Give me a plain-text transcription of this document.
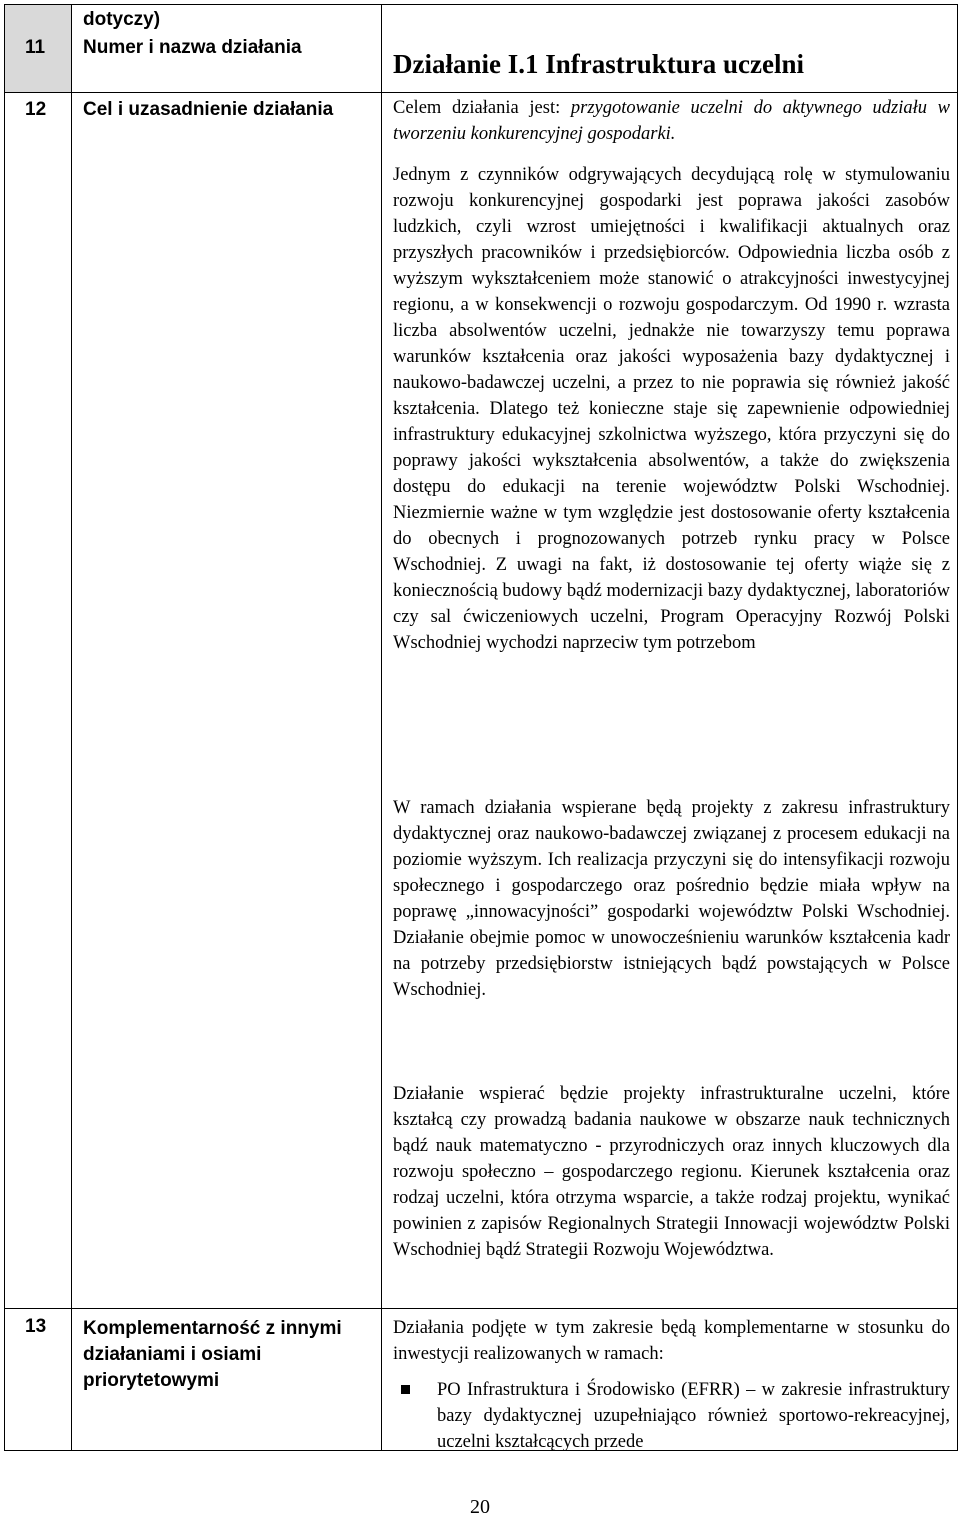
dotyczy)
11 Numer i nazwa działania
12 Cel i uzasadnienie działania
13 Komplementarność z innymi
działaniami i osiami
priorytetowymi
Działanie I.1 Infrastruktura uczelni
Celem działania jest: przygotowanie uczelni do aktywnego udziału w tworzeniu konkurencyjnej gospodarki.
Jednym z czynników odgrywających decydującą rolę w stymulowaniu rozwoju konkurencyjnej gospodarki jest poprawa jakości zasobów ludzkich, czyli wzrost umiejętności i kwalifikacji aktualnych oraz przyszłych pracowników i przedsiębiorców. Odpowiednia liczba osób z wyższym wykształceniem może stanowić o atrakcyjności inwestycyjnej regionu, a w konsekwencji o rozwoju gospodarczym. Od 1990 r. wzrasta liczba absolwentów uczelni, jednakże nie towarzyszy temu poprawa warunków kształcenia oraz jakości wyposażenia bazy dydaktycznej i naukowo-badawczej uczelni, a przez to nie poprawia się również jakość kształcenia. Dlatego też konieczne staje się zapewnienie odpowiedniej infrastruktury edukacyjnej szkolnictwa wyższego, która przyczyni się do poprawy jakości wykształcenia absolwentów, a także do zwiększenia dostępu do edukacji na terenie województw Polski Wschodniej. Niezmiernie ważne w tym względzie jest dostosowanie oferty kształcenia do obecnych i prognozowanych potrzeb rynku pracy w Polsce Wschodniej. Z uwagi na fakt, iż dostosowanie tej oferty wiąże się z koniecznością budowy bądź modernizacji bazy dydaktycznej, laboratoriów czy sal ćwiczeniowych uczelni, Program Operacyjny Rozwój Polski Wschodniej wychodzi naprzeciw tym potrzebom
W ramach działania wspierane będą projekty z zakresu infrastruktury dydaktycznej oraz naukowo-badawczej związanej z procesem edukacji na poziomie wyższym. Ich realizacja przyczyni się do intensyfikacji rozwoju społecznego i gospodarczego oraz pośrednio będzie miała wpływ na poprawę „innowacyjności” gospodarki województw Polski Wschodniej. Działanie obejmie pomoc w unowocześnieniu warunków kształcenia kadr na potrzeby przedsiębiorstw istniejących bądź powstających w Polsce Wschodniej.
Działanie wspierać będzie projekty infrastrukturalne uczelni, które kształcą czy prowadzą badania naukowe w obszarze nauk technicznych bądź nauk matematyczno - przyrodniczych oraz innych kluczowych dla rozwoju społeczno – gospodarczego regionu. Kierunek kształcenia oraz rodzaj uczelni, która otrzyma wsparcie, a także rodzaj projektu, wynikać powinien z zapisów Regionalnych Strategii Innowacji województw Polski Wschodniej bądź Strategii Rozwoju Województwa.
Działania podjęte w tym zakresie będą komplementarne w stosunku do inwestycji realizowanych w ramach:
PO Infrastruktura i Środowisko (EFRR) – w zakresie infrastruktury bazy dydaktycznej uzupełniająco również sportowo-rekreacyjnej, uczelni kształcących przede
20
